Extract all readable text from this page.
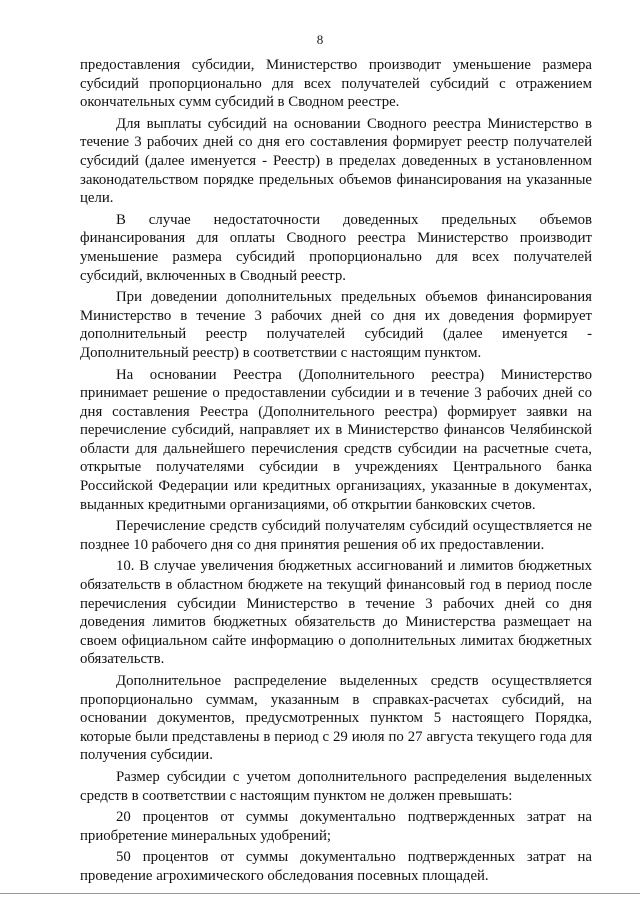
8

предоставления субсидии, Министерство производит уменьшение размера субсидий пропорционально для всех получателей субсидий с отражением окончательных сумм субсидий в Сводном реестре.

Для выплаты субсидий на основании Сводного реестра Министерство в течение 3 рабочих дней со дня его составления формирует реестр получателей субсидий (далее именуется - Реестр) в пределах доведенных в установленном законодательством порядке предельных объемов финансирования на указанные цели.

В случае недостаточности доведенных предельных объемов финансирования для оплаты Сводного реестра Министерство производит уменьшение размера субсидий пропорционально для всех получателей субсидий, включенных в Сводный реестр.

При доведении дополнительных предельных объемов финансирования Министерство в течение 3 рабочих дней со дня их доведения формирует дополнительный реестр получателей субсидий (далее именуется - Дополнительный реестр) в соответствии с настоящим пунктом.

На основании Реестра (Дополнительного реестра) Министерство принимает решение о предоставлении субсидии и в течение 3 рабочих дней со дня составления Реестра (Дополнительного реестра) формирует заявки на перечисление субсидий, направляет их в Министерство финансов Челябинской области для дальнейшего перечисления средств субсидии на расчетные счета, открытые получателями субсидии в учреждениях Центрального банка Российской Федерации или кредитных организациях, указанные в документах, выданных кредитными организациями, об открытии банковских счетов.

Перечисление средств субсидий получателям субсидий осуществляется не позднее 10 рабочего дня со дня принятия решения об их предоставлении.

10. В случае увеличения бюджетных ассигнований и лимитов бюджетных обязательств в областном бюджете на текущий финансовый год в период после перечисления субсидии Министерство в течение 3 рабочих дней со дня доведения лимитов бюджетных обязательств до Министерства размещает на своем официальном сайте информацию о дополнительных лимитах бюджетных обязательств.

Дополнительное распределение выделенных средств осуществляется пропорционально суммам, указанным в справках-расчетах субсидий, на основании документов, предусмотренных пунктом 5 настоящего Порядка, которые были представлены в период с 29 июля по 27 августа текущего года для получения субсидии.

Размер субсидии с учетом дополнительного распределения выделенных средств в соответствии с настоящим пунктом не должен превышать:

20 процентов от суммы документально подтвержденных затрат на приобретение минеральных удобрений;

50 процентов от суммы документально подтвержденных затрат на проведение агрохимического обследования посевных площадей.
